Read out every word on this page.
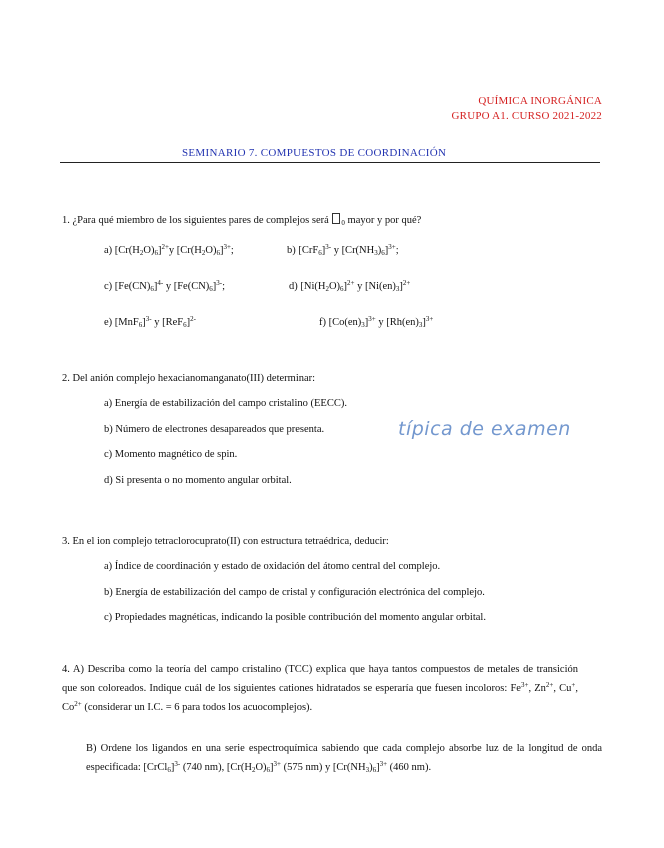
QUÍMICA INORGÁNICA
GRUPO A1. CURSO 2021-2022
SEMINARIO 7. COMPUESTOS DE COORDINACIÓN
1. ¿Para qué miembro de los siguientes pares de complejos será $_0$ mayor y por qué?
a) $[Cr(H_2O)_6]^{2+}y$ $[Cr(H_2O)_6]^{3+}$;	b) $[CrF_6]^{3-}$ y $[Cr(NH_3)_6]^{3+}$;
c) $[Fe(CN)_6]^{4-}$ y $[Fe(CN)_6]^{3-}$;	d) $[Ni(H_2O)_6]^{2+}$ y $[Ni(en)_3]^{2+}$
e) $[MnF_6]^{3-}$ y $[ReF_6]^{2-}$	f) $[Co(en)_3]^{3+}$ y $[Rh(en)_3]^{3+}$
2. Del anión complejo hexacianomanganato(III) determinar:
a) Energía de estabilización del campo cristalino (EECC).
b) Número de electrones desapareados que presenta.
c) Momento magnético de spin.
d) Si presenta o no momento angular orbital.
típica de examen
3. En el ion complejo tetraclorocuprato(II) con estructura tetraédrica, deducir:
a) Índice de coordinación y estado de oxidación del átomo central del complejo.
b) Energía de estabilización del campo de cristal y configuración electrónica del complejo.
c) Propiedades magnéticas, indicando la posible contribución del momento angular orbital.
4. A) Describa como la teoría del campo cristalino (TCC) explica que haya tantos compuestos de metales de transición que son coloreados. Indique cuál de los siguientes cationes hidratados se esperaría que fuesen incoloros: $Fe^{3+}$, $Zn^{2+}$, Cu+, $Co^{2+}$ (considerar un I.C. = 6 para todos los acuocomplejos).
B) Ordene los ligandos en una serie espectroquímica sabiendo que cada complejo absorbe luz de la longitud de onda especificada: [CrCl$_6$]$^{3-}$ (740 nm), $[Cr(H_2O)_6]^{3+}$ (575 nm) y $[Cr(NH_3)_6]^{3+}$ (460 nm).
